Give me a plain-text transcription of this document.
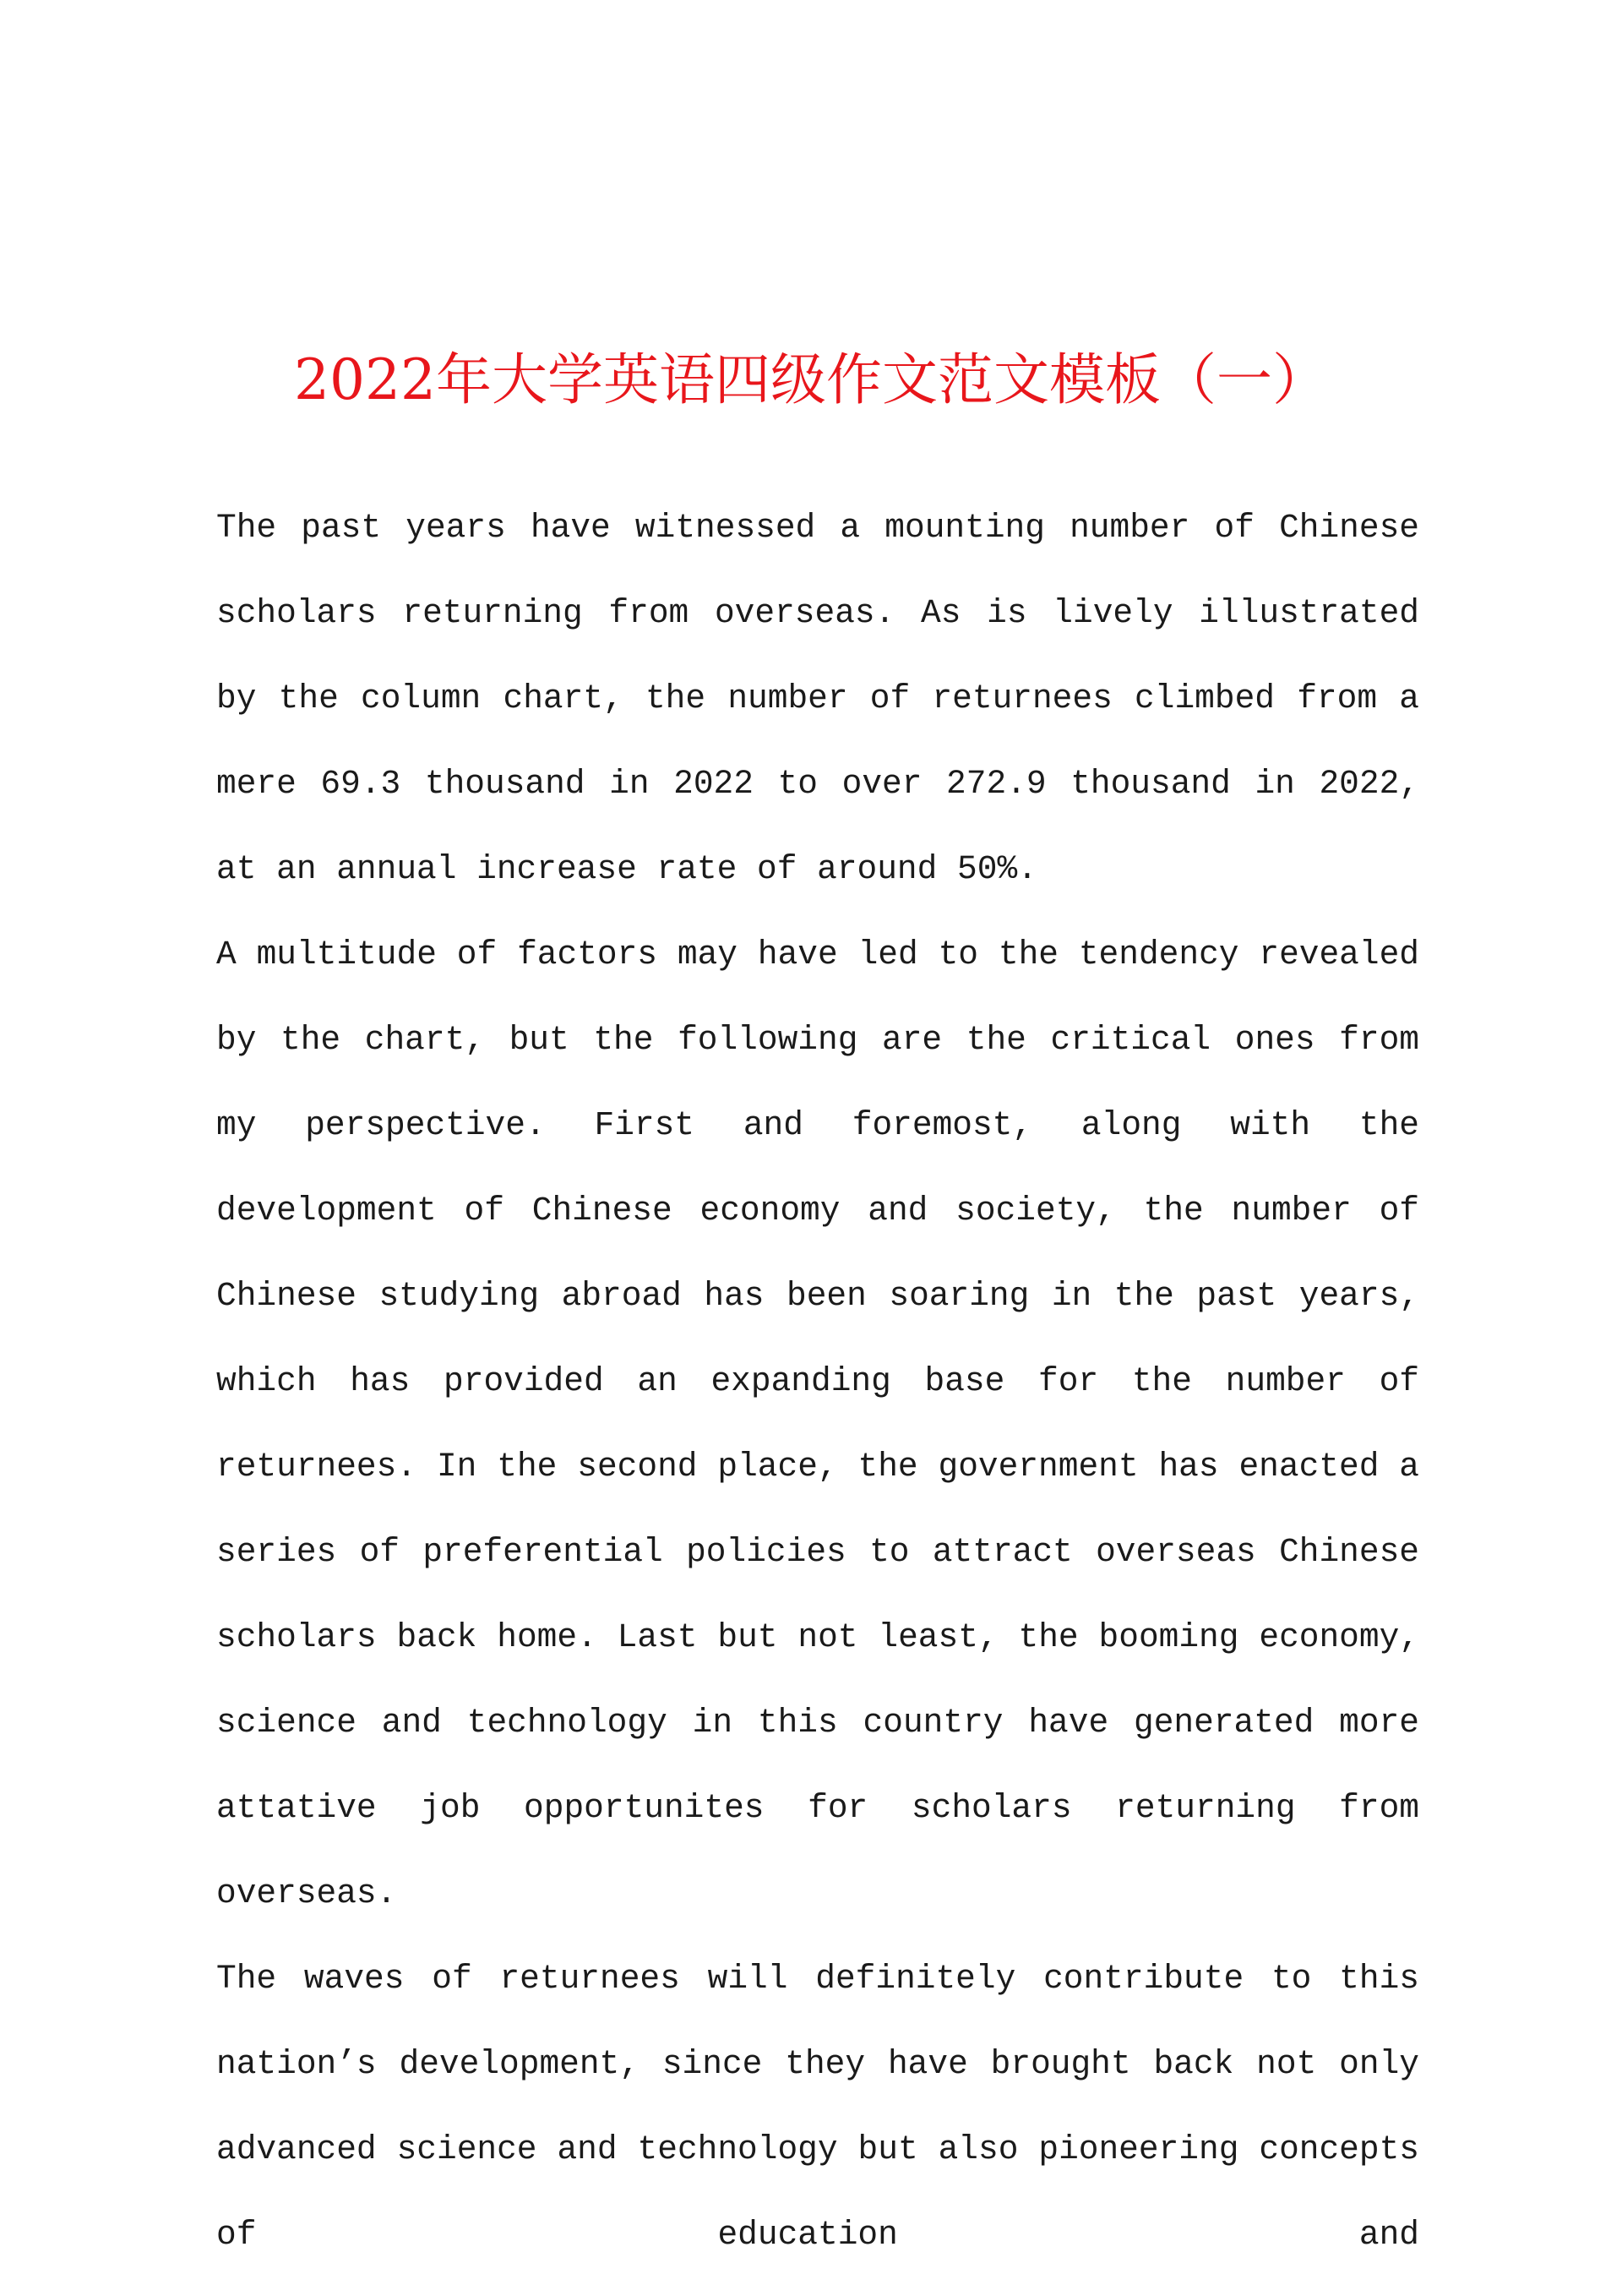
2022年大学英语四级作文范文模板（一）

The past years have witnessed a mounting number of Chinese scholars returning from overseas. As is lively illustrated by the column chart, the number of returnees climbed from a mere 69.3 thousand in 2022 to over 272.9 thousand in 2022, at an annual increase rate of around 50%.

A multitude of factors may have led to the tendency revealed by the chart, but the following are the critical ones from my perspective. First and foremost, along with the development of Chinese economy and society, the number of Chinese studying abroad has been soaring in the past years, which has provided an expanding base for the number of returnees. In the second place, the government has enacted a series of preferential policies to attract overseas Chinese scholars back home. Last but not least, the booming economy, science and technology in this country have generated more attative job opportunites for scholars returning from overseas.

The waves of returnees will definitely contribute to this nation’s development, since they have brought back not only advanced science and technology but also pioneering concepts of education and
